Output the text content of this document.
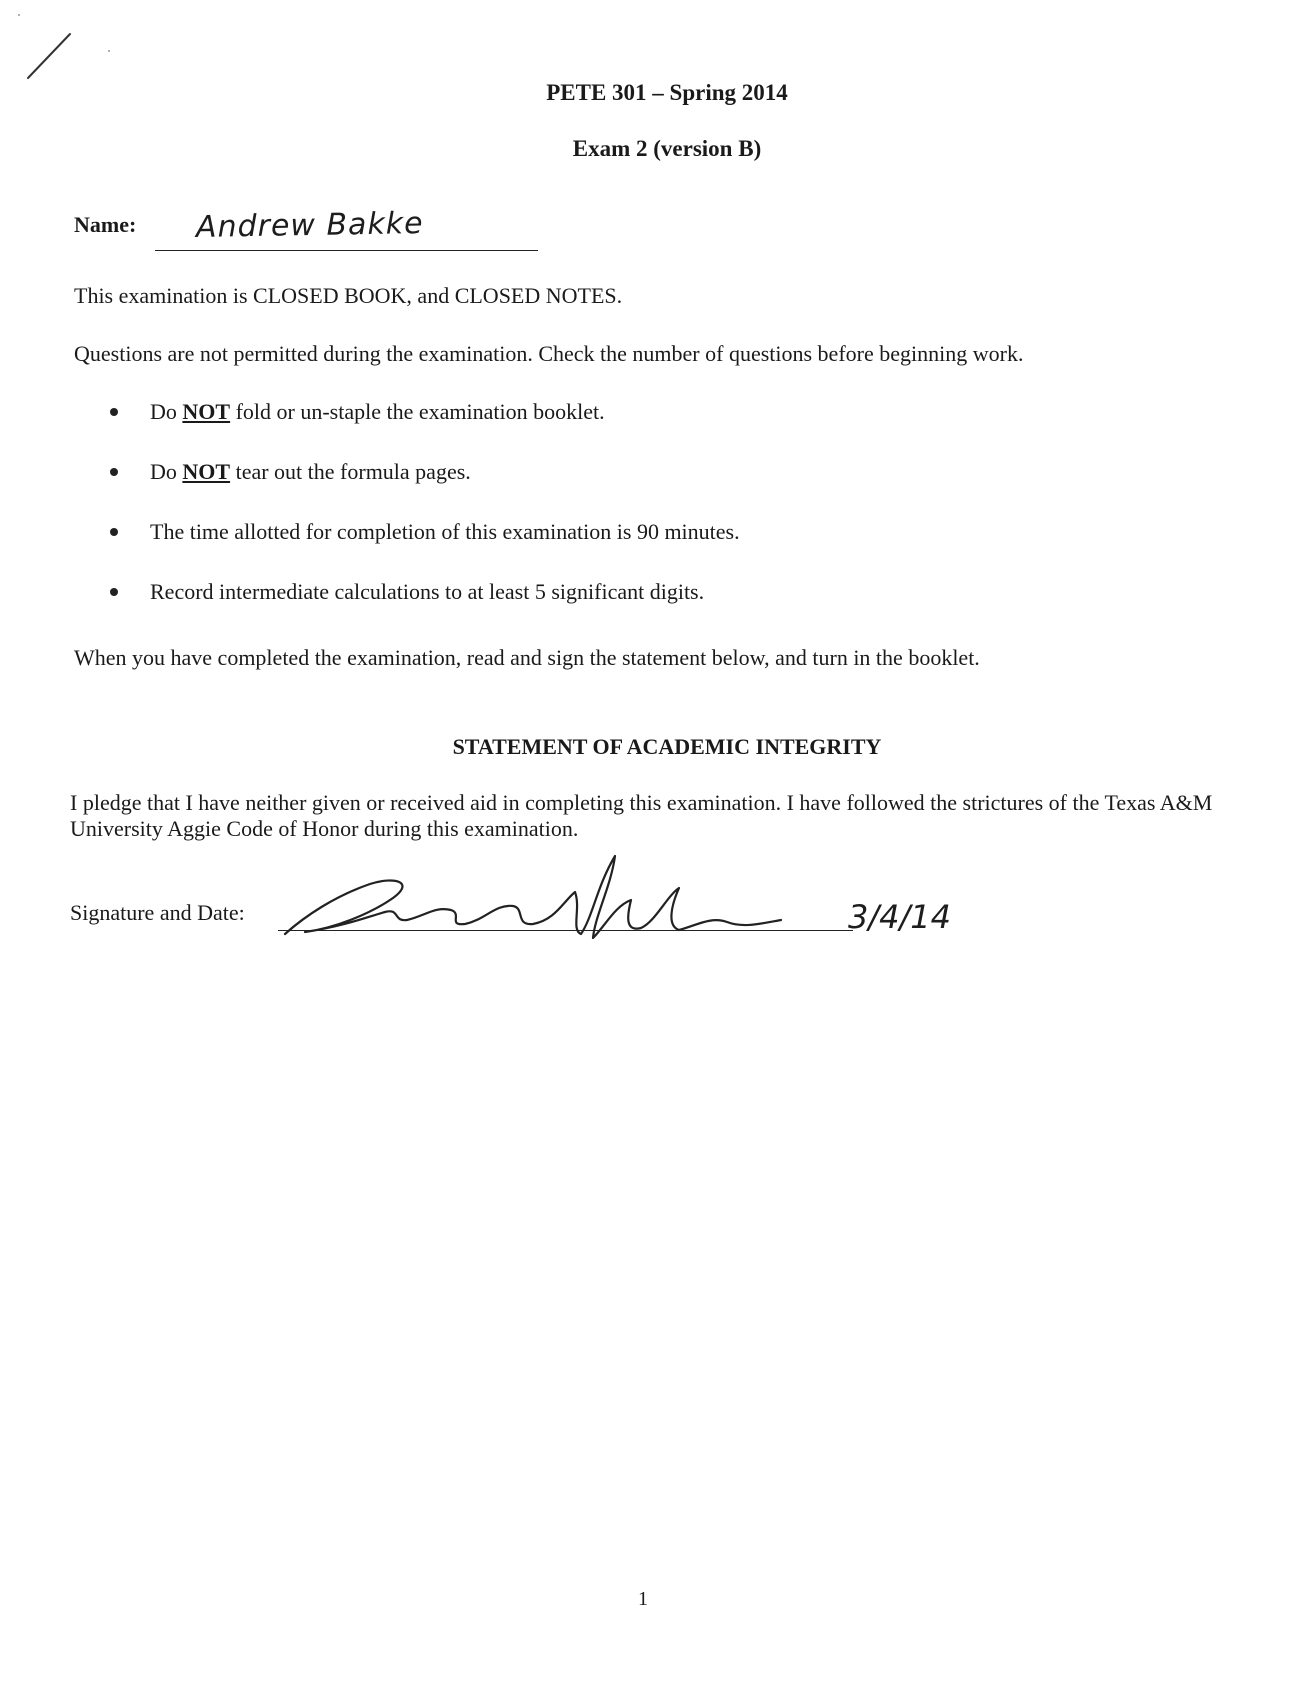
PETE 301 – Spring 2014
Exam 2 (version B)
Name: Andrew Bakke
This examination is CLOSED BOOK, and CLOSED NOTES.
Questions are not permitted during the examination. Check the number of questions before beginning work.
Do NOT fold or un-staple the examination booklet.
Do NOT tear out the formula pages.
The time allotted for completion of this examination is 90 minutes.
Record intermediate calculations to at least 5 significant digits.
When you have completed the examination, read and sign the statement below, and turn in the booklet.
STATEMENT OF ACADEMIC INTEGRITY
I pledge that I have neither given or received aid in completing this examination. I have followed the strictures of the Texas A&M University Aggie Code of Honor during this examination.
Signature and Date:	3/4/14
1
